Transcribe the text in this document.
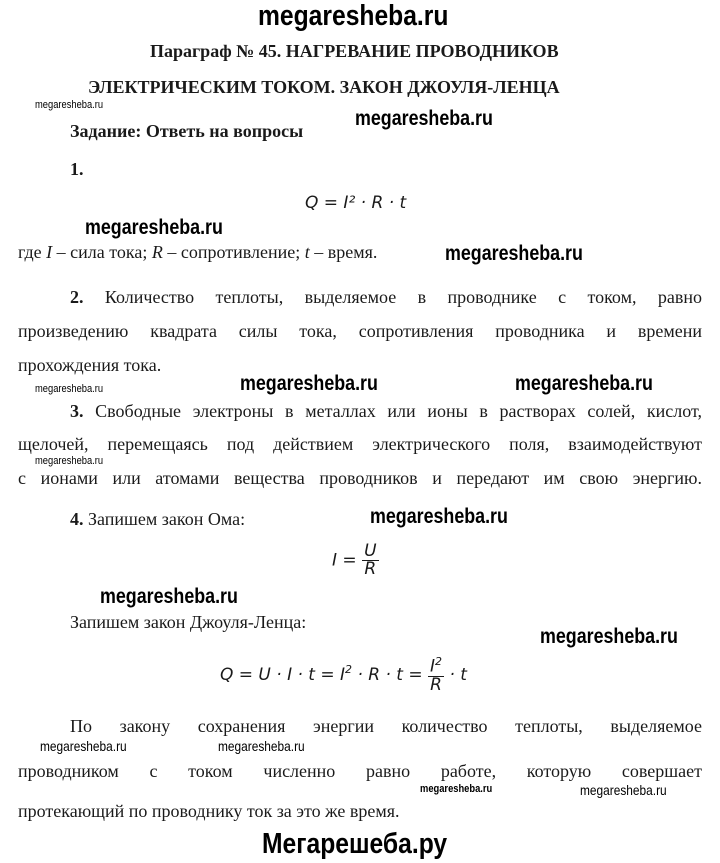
megaresheba.ru
Параграф № 45. НАГРЕВАНИЕ ПРОВОДНИКОВ
ЭЛЕКТРИЧЕСКИМ ТОКОМ. ЗАКОН ДЖОУЛЯ-ЛЕНЦА
megaresheba.ru
Задание: Ответь на вопросы
megaresheba.ru
1.
Q = I² · R · t
megaresheba.ru
где I – сила тока; R – сопротивление; t – время.	megaresheba.ru
2. Количество теплоты, выделяемое в проводнике с током, равно
произведению квадрата силы тока, сопротивления проводника и времени
прохождения тока.
megaresheba.ru	megaresheba.ru	megaresheba.ru
3. Свободные электроны в металлах или ионы в растворах солей, кислот,
щелочей, перемещаясь под действием электрического поля, взаимодействуют
megaresheba.ru
с ионами или атомами вещества проводников и передают им свою энергию.
4. Запишем закон Ома:	megaresheba.ru
$I = \frac{U}{R}$
megaresheba.ru
Запишем закон Джоуля-Ленца:
megaresheba.ru
$Q = U \cdot I \cdot t = I^2 \cdot R \cdot t = \frac{I^2}{R} \cdot t$
По закону сохранения энергии количество теплоты, выделяемое
megaresheba.ru	megaresheba.ru
проводником с током численно равно работе, которую совершает
megaresheba.ru	megaresheba.ru
протекающий по проводнику ток за это же время.
Мегарешеба.ру
